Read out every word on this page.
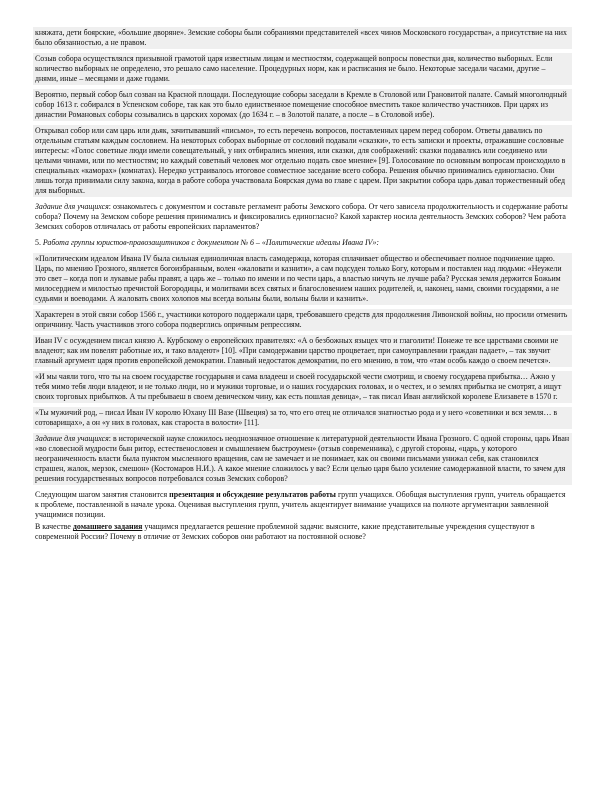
княжата, дети боярские, «большие дворяне». Земские соборы были собраниями представителей «всех чинов Московского государства», а присутствие на них было обязанностью, а не правом.

Созыв собора осуществлялся призывной грамотой царя известным лицам и местностям, содержащей вопросы повестки дня, количество выборных. Если количество выборных не определено, это решало само население. Процедурных норм, как и расписания не было. Некоторые заседали часами, другие – днями, иные – месяцами и даже годами.

Вероятно, первый собор был созван на Красной площади. Последующие соборы заседали в Кремле в Столовой или Грановитой палате. Самый многолюдный собор 1613 г. собирался в Успенском соборе, так как это было единственное помещение способное вместить такое количество участников. При царях из династии Романовых соборы созывались в царских хоромах (до 1634 г. – в Золотой палате, а после – в Столовой избе).

Открывал собор или сам царь или дьяк, зачитывавший «письмо», то есть перечень вопросов, поставленных царем перед собором. Ответы давались по отдельным статьям каждым сословием. На некоторых соборах выборные от сословий подавали «сказки», то есть записки и проекты, отражавшие сословные интересы: «Голос советные люди имели совещательный, у них отбирались мнения, или сказки, для соображений: сказки подавались или соединено или целыми чинами, или по местностям; но каждый советный человек мог отдельно подать свое мнение» [9]. Голосование по основным вопросам происходило в специальных «каморах» (комнатах). Нередко устраивалось итоговое совместное заседание всего собора. Решения обычно принимались единогласно. Они лишь тогда принимали силу закона, когда в работе собора участвовала Боярская дума во главе с царем. При закрытии собора царь давал торжественный обед для выборных.

Задание для учащихся: ознакомьтесь с документом и составьте регламент работы Земского собора. От чего зависела продолжительность и содержание работы собора? Почему на Земском соборе решения принимались и фиксировались единогласно? Какой характер носила деятельность Земских соборов? Чем работа Земских соборов отличалась от работы европейских парламентов?

5. Работа группы юристов-правозащитников с документом № 6 – «Политические идеалы Ивана IV»:

«Политическим идеалом Ивана IV была сильная единоличная власть самодержца, которая сплачивает общество и обеспечивает полное подчинение царю. Царь, по мнению Грозного, является богоизбранным, волен «жаловати и казнити», а сам подсуден только Богу, которым и поставлен над людьми: «Неужели это свет – когда поп и лукавые рабы правят, а царь же – только по имени и по чести царь, а властью ничуть не лучше раба? Русская земля держится Божьим милосердием и милостью пречистой Богородицы, и молитвами всех святых и благословением наших родителей, и, наконец, нами, своими государями, а не судьями и воеводами. А жаловать своих холопов мы всегда вольны были, вольны были и казнить».

Характерен в этой связи собор 1566 г., участники которого поддержали царя, требовавшего средств для продолжения Ливонской войны, но просили отменить опричнину. Часть участников этого собора подверглись опричным репрессиям.

Иван IV с осуждением писал князю А. Курбскому о европейских правителях: «А о безбожных языцех что и глаголити! Понеже те все царствами своими не владеют; как им повелят работные их, и тако владеют» [10]. «При самодержавии царство процветает, при самоуправлении граждан падает», – так звучит главный аргумент царя против европейской демократии. Главный недостаток демократии, по его мнению, в том, что «там особь каждо о своем печется».

«И мы чаяли того, что ты на своем государстве государыня и сама владееш и своей государьской чести смотриш, и своему государева прибытка… Ажно у тебя мимо тебя люди владеют, и не только люди, но и мужики торговые, и о наших государских головах, и о честех, и о землях прибытка не смотрят, а ищут своих торговых прибытков. А ты пребываеш в своем девическом чину, как есть пошлая девица», – так писал Иван английской королеве Елизавете в 1570 г.

«Ты мужичий род, – писал Иван IV королю Юхану III Вазе (Швеция) за то, что его отец не отличался знатностью рода и у него «советники и вся земля… в сотоварищах», а он «у них в головах, как староста в волости» [11].

Задание для учащихся: в исторической науке сложилось неоднозначное отношение к литературной деятельности Ивана Грозного. С одной стороны, царь Иван «во словесной мудрости бын ритор, естественословен и смышлением быстроумен» (отзыв современника), с другой стороны, «царь, у которого неограниченность власти была пунктом мысленного вращения, сам не замечает и не понимает, как он своими письмами унижал себя, как становился страшен, жалок, мерзок, смешон» (Костомаров Н.И.). А какое мнение сложилось у вас? Если целью царя было усиление самодержавной власти, то зачем для решения государственных вопросов потребовался созыв Земских соборов?

Следующим шагом занятия становится презентация и обсуждение результатов работы групп учащихся. Обобщая выступления групп, учитель обращается к проблеме, поставленной в начале урока. Оценивая выступления групп, учитель акцентирует внимание учащихся на полноте аргументации заявленной учащимися позиции.

В качестве домашнего задания учащимся предлагается решение проблемной задачи: выясните, какие представительные учреждения существуют в современной России? Почему в отличие от Земских соборов они работают на постоянной основе?
